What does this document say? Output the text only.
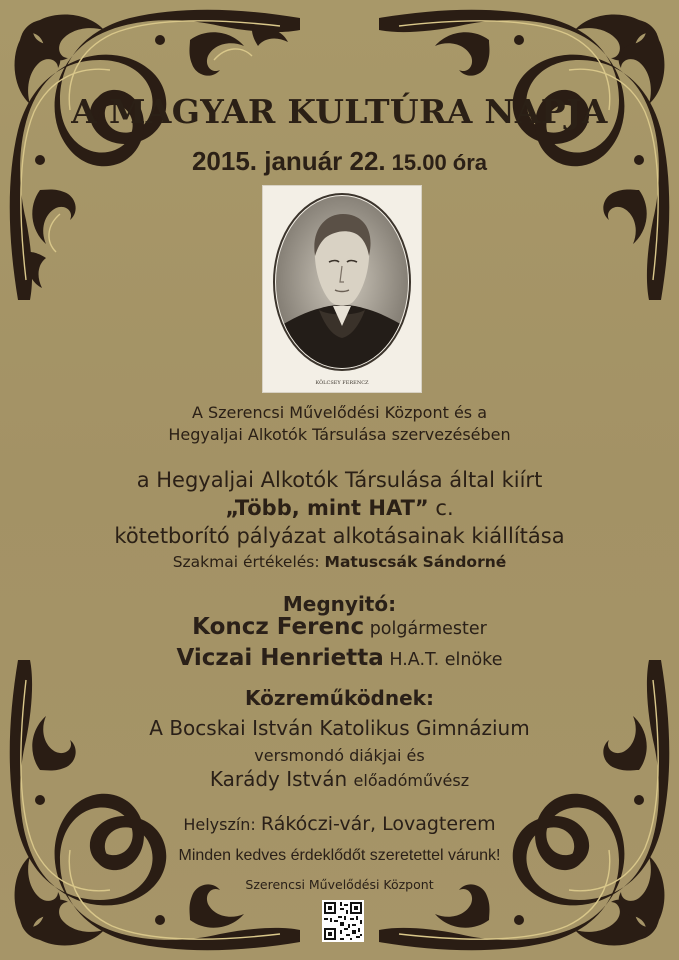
A MAGYAR KULTÚRA NAPJA
2015. január 22. 15.00 óra
KÖLCSEY FERENCZ
A Szerencsi Művelődési Központ és a
Hegyaljai Alkotók Társulása szervezésében
a Hegyaljai Alkotók Társulása által kiírt
„Több, mint HAT” c.
kötetborító pályázat alkotásainak kiállítása
Szakmai értékelés: Matuscsák Sándorné
Megnyitó:
Koncz Ferenc polgármester
Viczai Henrietta H.A.T. elnöke
Közreműködnek:
A Bocskai István Katolikus Gimnázium
versmondó diákjai és
Karády István előadóművész
Helyszín: Rákóczi-vár, Lovagterem
Minden kedves érdeklődőt szeretettel várunk!
Szerencsi Művelődési Központ
